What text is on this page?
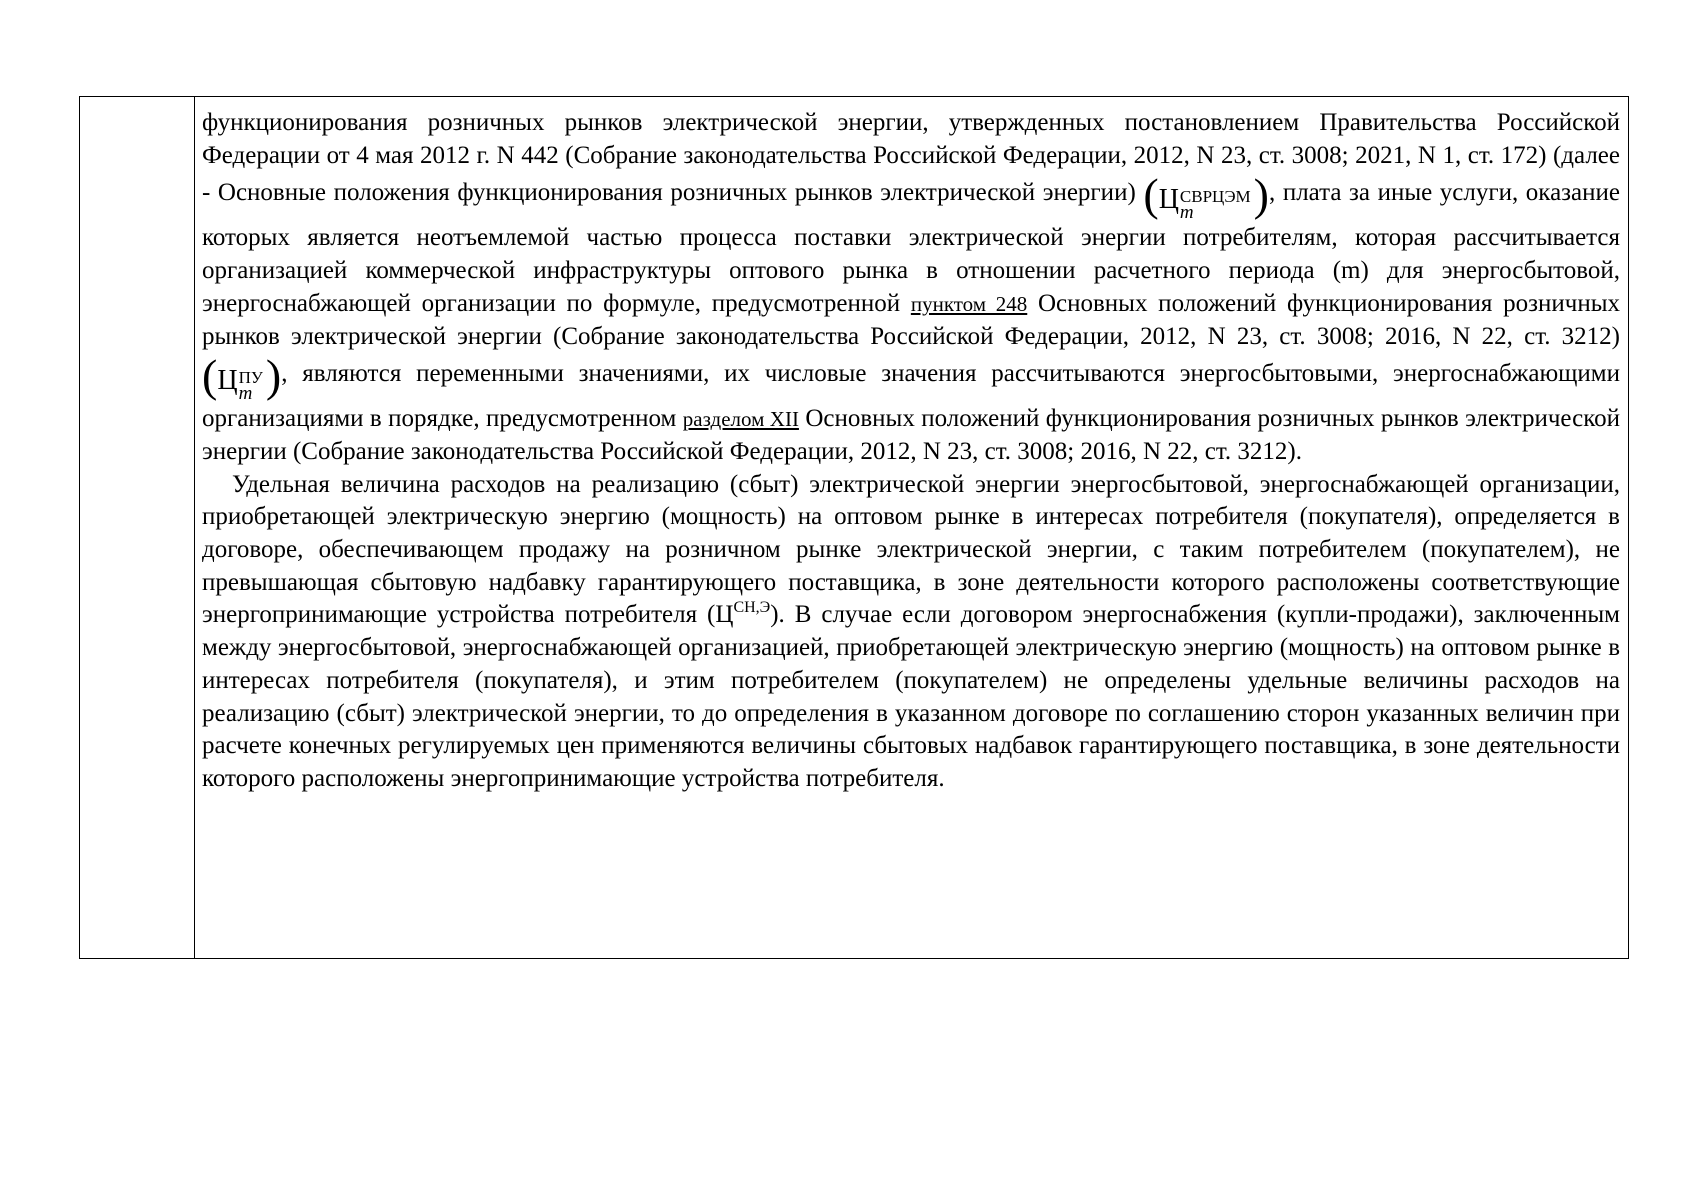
функционирования розничных рынков электрической энергии, утвержденных постановлением Правительства Российской Федерации от 4 мая 2012 г. N 442 (Собрание законодательства Российской Федерации, 2012, N 23, ст. 3008; 2021, N 1, ст. 172) (далее - Основные положения функционирования розничных рынков электрической энергии) (Ц СВРЦЭМ
m	), плата за иные услуги, оказание которых является неотъемлемой частью процесса поставки электрической энергии потребителям, которая рассчитывается организацией коммерческой инфраструктуры оптового рынка в отношении расчетного периода (m) для энергосбытовой, энергоснабжающей организации по формуле, предусмотренной пунктом 248 Основных положений функционирования розничных рынков электрической энергии (Собрание законодательства Российской Федерации, 2012, N 23, ст. 3008; 2016, N 22, ст. 3212) (Ц ПУ
m ), являются переменными значениями, их числовые значения рассчитываются энергосбытовыми, энергоснабжающими организациями в порядке, предусмотренном разделом XII Основных положений функционирования розничных рынков электрической энергии (Собрание законодательства Российской Федерации, 2012, N 23, ст. 3008; 2016, N 22, ст. 3212).

Удельная величина расходов на реализацию (сбыт) электрической энергии энергосбытовой, энергоснабжающей организации, приобретающей электрическую энергию (мощность) на оптовом рынке в интересах потребителя (покупателя), определяется в договоре, обеспечивающем продажу на розничном рынке электрической энергии, с таким потребителем (покупателем), не превышающая сбытовую надбавку гарантирующего поставщика, в зоне деятельности которого расположены соответствующие энергопринимающие устройства потребителя $(Ц^{СН,Э})$. В случае если договором энергоснабжения (купли-продажи), заключенным между энергосбытовой, энергоснабжающей организацией, приобретающей электрическую энергию (мощность) на оптовом рынке в интересах потребителя (покупателя), и этим потребителем (покупателем) не определены удельные величины расходов на реализацию (сбыт) электрической энергии, то до определения в указанном договоре по соглашению сторон указанных величин при расчете конечных регулируемых цен применяются величины сбытовых надбавок гарантирующего поставщика, в зоне деятельности которого расположены энергопринимающие устройства потребителя.
